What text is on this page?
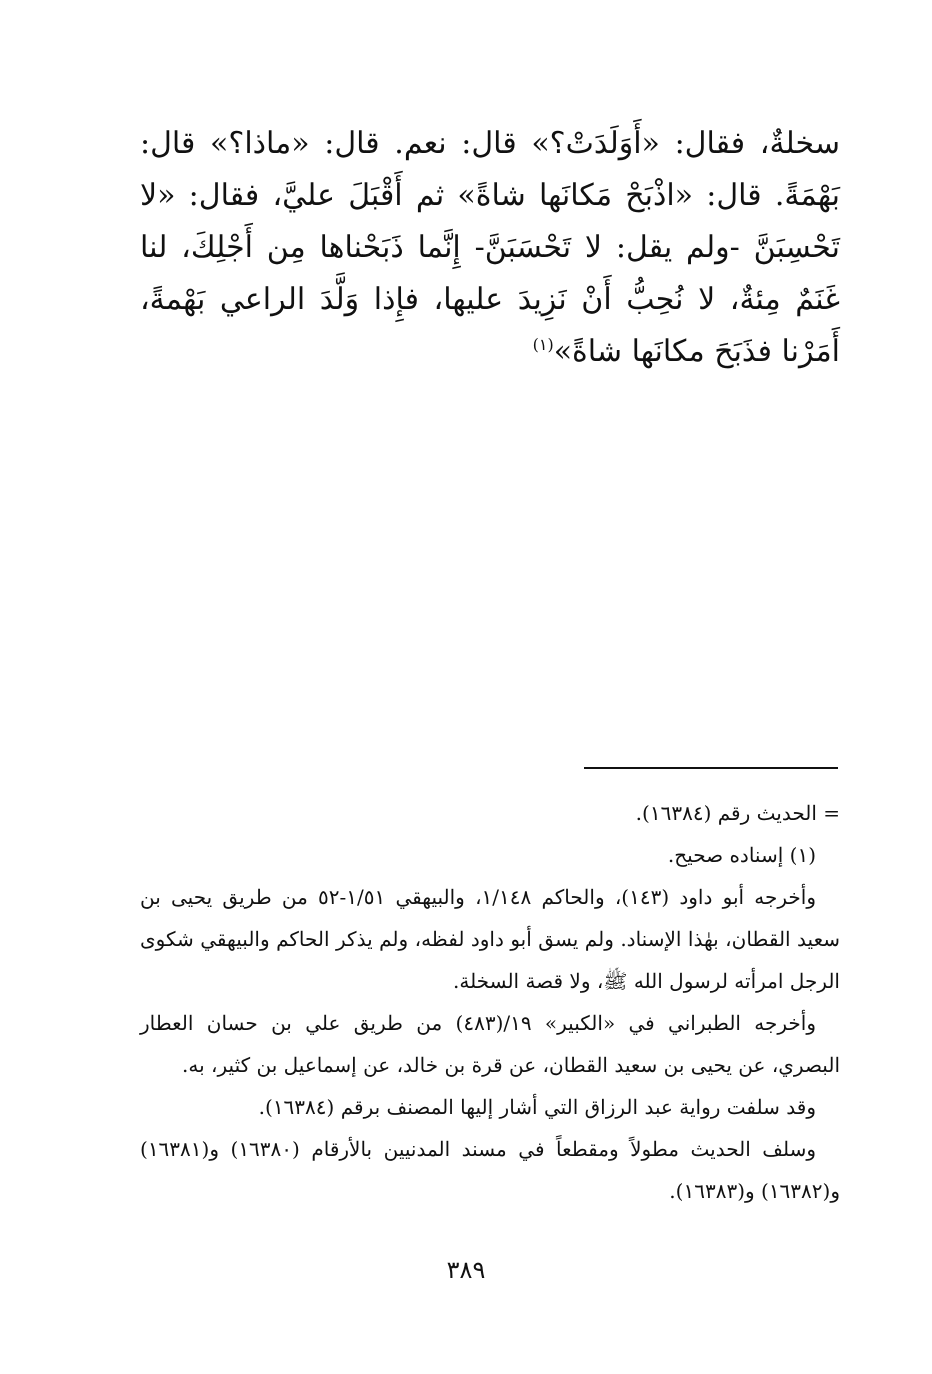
سخلةٌ، فقال: «أَوَلَدَتْ؟» قال: نعم. قال: «ماذا؟» قال: بَهْمَةً. قال: «اذْبَحْ مَكانَها شاةً» ثم أَقْبَلَ عليَّ، فقال: «لا تَحْسِبَنَّ -ولم يقل: لا تَحْسَبَنَّ- إِنَّما ذَبَحْناها مِن أَجْلِكَ، لنا غَنَمٌ مِئةٌ، لا نُحِبُّ أَنْ نَزِيدَ عليها، فإِذا وَلَّدَ الراعي بَهْمةً، أَمَرْنا فذَبَحَ مكانَها شاةً»$^{(١)}$

= الحديث رقم (١٦٣٨٤).

(١) إسناده صحيح.

وأخرجه أبو داود (١٤٣)، والحاكم ١/١٤٨، والبيهقي ١/٥١-٥٢ من طريق يحيى بن سعيد القطان، بهٰذا الإسناد. ولم يسق أبو داود لفظه، ولم يذكر الحاكم والبيهقي شكوى الرجل امرأته لرسول الله ﷺ، ولا قصة السخلة.

وأخرجه الطبراني في «الكبير» ١٩/(٤٨٣) من طريق علي بن حسان العطار البصري، عن يحيى بن سعيد القطان، عن قرة بن خالد، عن إسماعيل بن كثير، به.

وقد سلفت رواية عبد الرزاق التي أشار إليها المصنف برقم (١٦٣٨٤).

وسلف الحديث مطولاً ومقطعاً في مسند المدنيين بالأرقام (١٦٣٨٠) و(١٦٣٨١) و(١٦٣٨٢) و(١٦٣٨٣).

٣٨٩
